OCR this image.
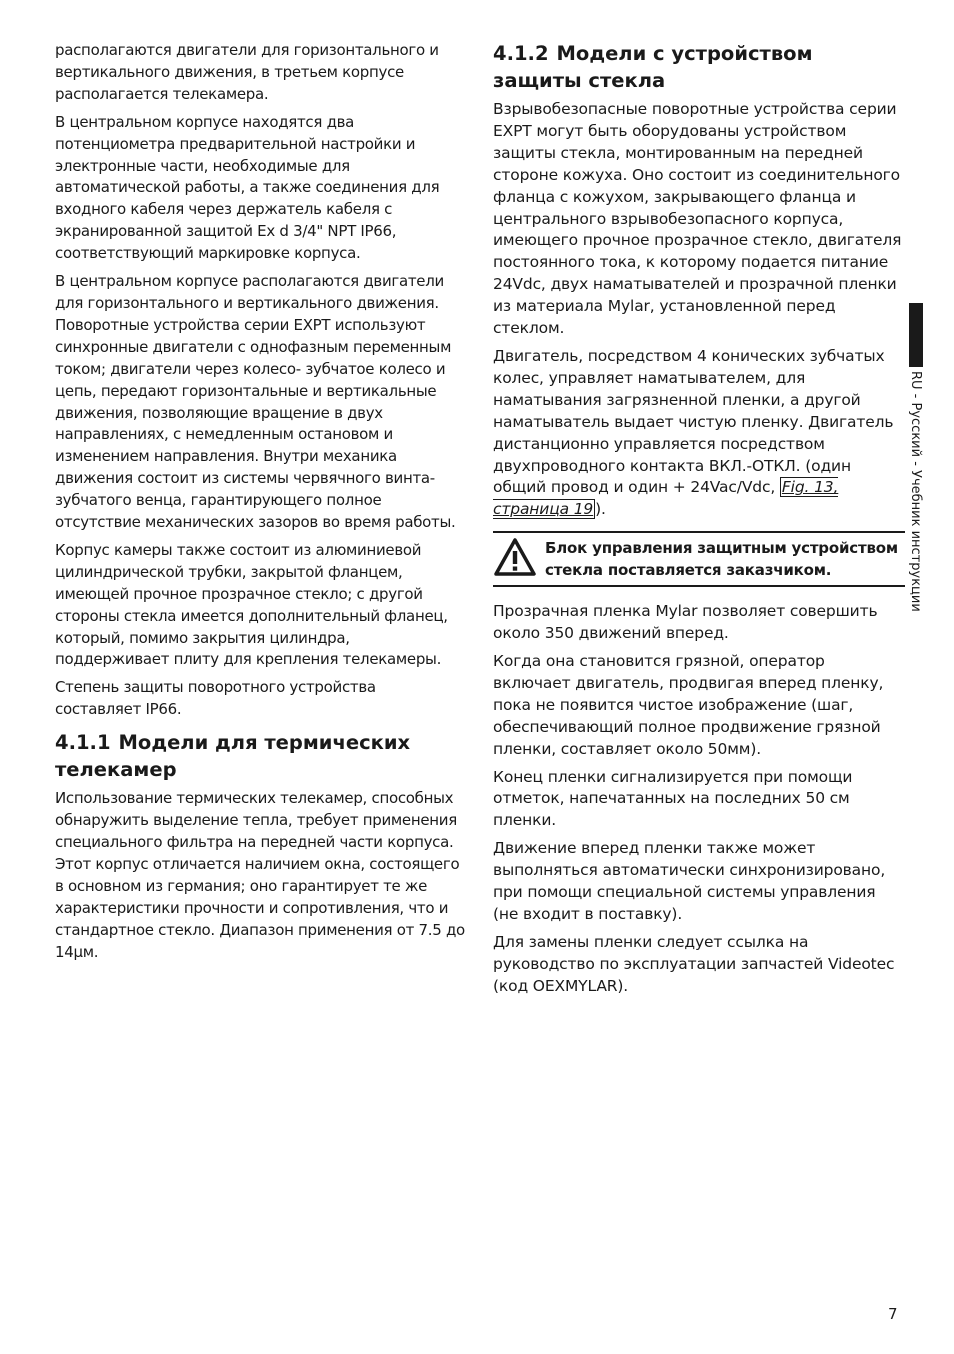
располагаются двигатели для горизонтального и вертикального движения, в третьем корпусе располагается телекамера.

В центральном корпусе находятся два потенциометра предварительной настройки и электронные части, необходимые для автоматической работы, а также соединения для входного кабеля через держатель кабеля с экранированной защитой Ex d 3/4" NPT IP66, соответствующий маркировке корпуса.

В центральном корпусе располагаются двигатели для горизонтального и вертикального движения. Поворотные устройства серии EXPT используют синхронные двигатели с однофазным переменным током; двигатели через колесо- зубчатое колесо и цепь, передают горизонтальные и вертикальные движения, позволяющие вращение в двух направлениях, с немедленным остановом и изменением направления. Внутри механика движения состоит из системы червячного винта-зубчатого венца, гарантирующего полное отсутствие механических зазоров во время работы.

Корпус камеры также состоит из алюминиевой цилиндрической трубки, закрытой фланцем, имеющей прочное прозрачное стекло; с другой стороны стекла имеется дополнительный фланец, который, помимо закрытия цилиндра, поддерживает плиту для крепления телекамеры.

Степень защиты поворотного устройства составляет IP66.

4.1.1 Модели для термических телекамер

Использование термических телекамер, способных обнаружить выделение тепла, требует применения специального фильтра на передней части корпуса. Этот корпус отличается наличием окна, состоящего в основном из германия; оно гарантирует те же характеристики прочности и сопротивления, что и стандартное стекло. Диапазон применения от 7.5 до 14μм.

4.1.2 Модели с устройством защиты стекла

Взрывобезопасные поворотные устройства серии EXPT могут быть оборудованы устройством защиты стекла, монтированным на передней стороне кожуха. Оно состоит из соединительного фланца с кожухом, закрывающего фланца и центрального взрывобезопасного корпуса, имеющего прочное прозрачное стекло, двигателя постоянного тока, к которому подается питание 24Vdc, двух наматывателей и прозрачной пленки из материала Mylar, установленной перед стеклом.

Двигатель, посредством 4 конических зубчатых колес, управляет наматывателем, для наматывания загрязненной пленки, а другой наматыватель выдает чистую пленку. Двигатель дистанционно управляется посредством двухпроводного контакта ВКЛ.-ОТКЛ. (один общий провод и один + 24Vac/Vdc, Fig. 13, страница 19 ).

Блок управления защитным устройством стекла поставляется заказчиком.

Прозрачная пленка Mylar позволяет совершить около 350 движений вперед.

Когда она становится грязной, оператор включает двигатель, продвигая вперед пленку, пока не появится чистое изображение (шаг, обеспечивающий полное продвижение грязной пленки, составляет около 50мм).

Конец пленки сигнализируется при помощи отметок, напечатанных на последних 50 см пленки.

Движение вперед пленки также может выполняться автоматически синхронизировано, при помощи специальной системы управления (не входит в поставку).

Для замены пленки следует ссылка на руководство по эксплуатации запчастей Videotec (код OEXMYLAR).

RU - Русский - Учебник инструкции
7
